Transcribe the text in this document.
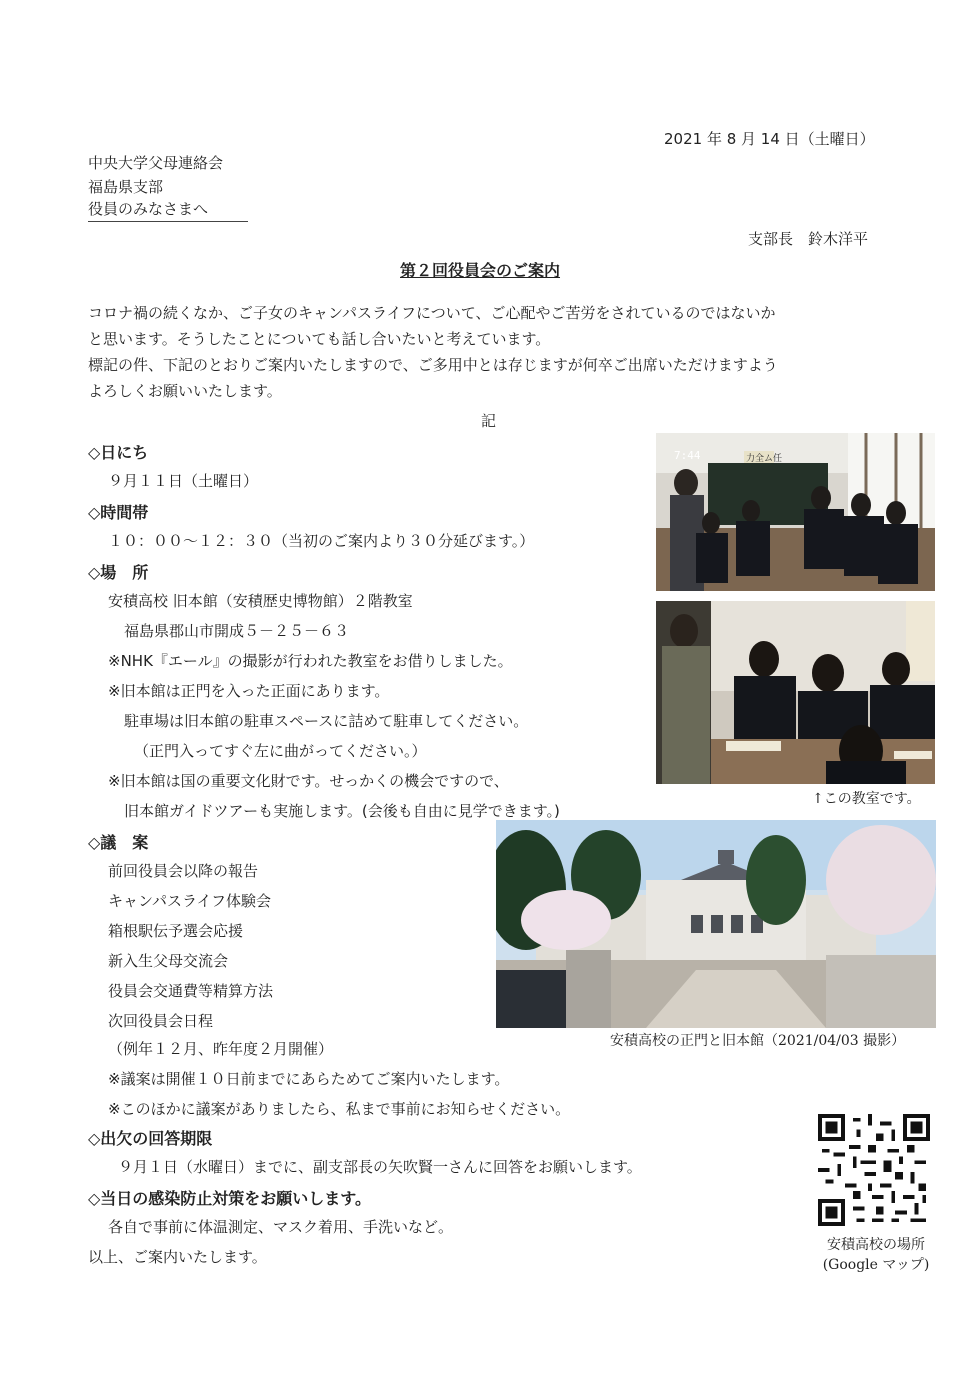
2021 年 8 月 14 日（土曜日）
中央大学父母連絡会
福島県支部
役員のみなさまへ
支部長　鈴木洋平
第２回役員会のご案内
コロナ禍の続くなか、ご子女のキャンパスライフについて、ご心配やご苦労をされているのではないか
と思います。そうしたことについても話し合いたいと考えています。
標記の件、下記のとおりご案内いたしますので、ご多用中とは存じますが何卒ご出席いただけますよう
よろしくお願いいたします。
記
◇日にち
９月１１日（土曜日）
◇時間帯
１０：００～１２：３０（当初のご案内より３０分延びます。）
◇場　所
安積高校 旧本館（安積歴史博物館）２階教室
福島県郡山市開成５－２５－６３
※NHK『エール』の撮影が行われた教室をお借りしました。
※旧本館は正門を入った正面にあります。
駐車場は旧本館の駐車スペースに詰めて駐車してください。
（正門入ってすぐ左に曲がってください。）
※旧本館は国の重要文化財です。せっかくの機会ですので、
旧本館ガイドツアーも実施します。(会後も自由に見学できます。)
◇議　案
前回役員会以降の報告
キャンパスライフ体験会
箱根駅伝予選会応援
新入生父母交流会
役員会交通費等精算方法
次回役員会日程
（例年１２月、昨年度２月開催）
※議案は開催１０日前までにあらためてご案内いたします。
※このほかに議案がありましたら、私まで事前にお知らせください。
◇出欠の回答期限
９月１日（水曜日）までに、副支部長の矢吹賢一さんに回答をお願いします。
◇当日の感染防止対策をお願いします。
各自で事前に体温測定、マスク着用、手洗いなど。
以上、ご案内いたします。
力全ム任
7:44
↑この教室です。
安積高校の正門と旧本館（2021/04/03 撮影）
安積高校の場所
(Google マップ)
